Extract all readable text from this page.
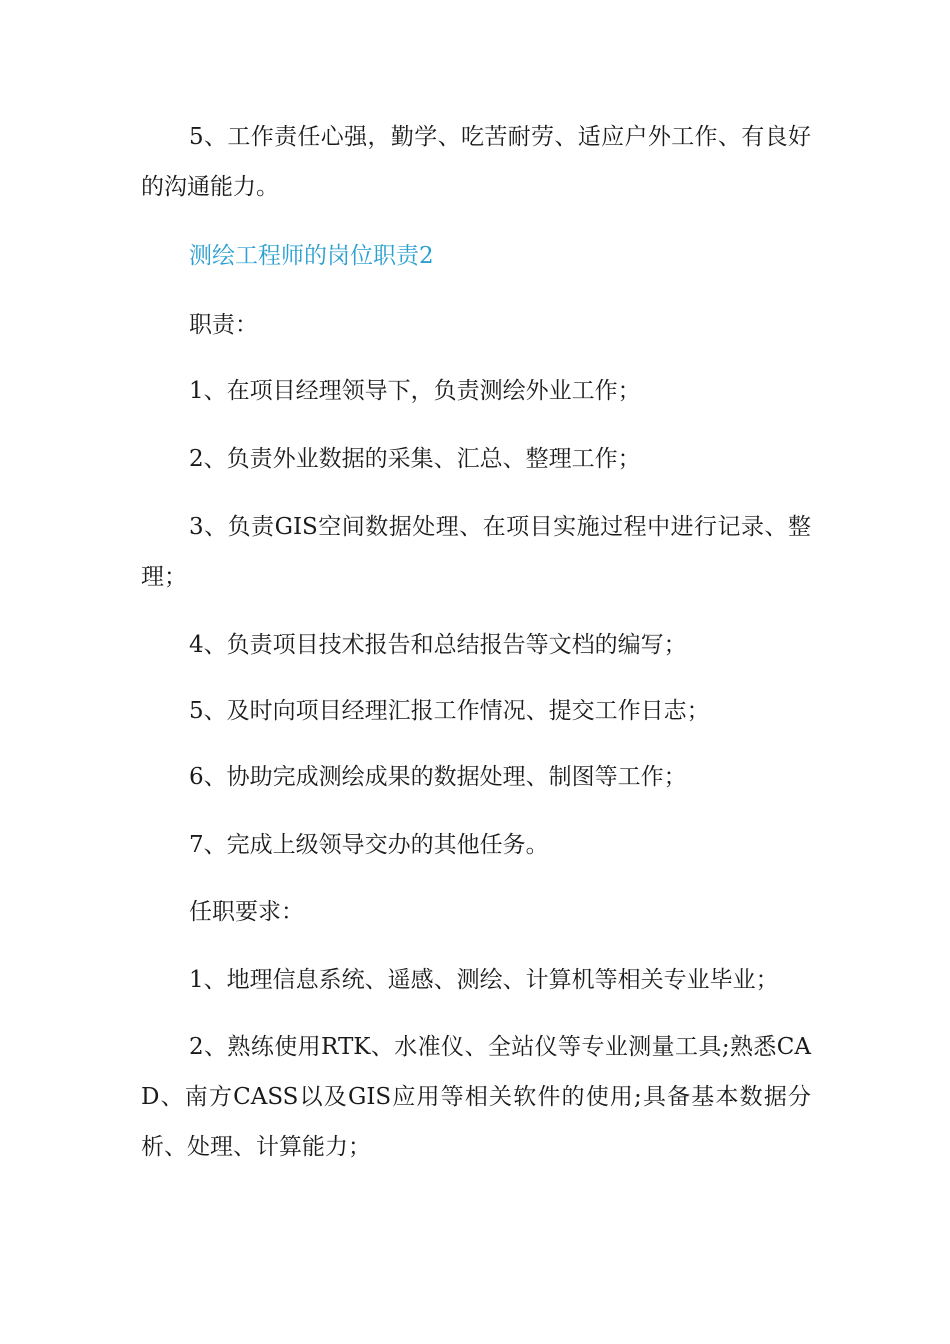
5、工作责任心强，勤学、吃苦耐劳、适应户外工作、有良好的沟通能力。

测绘工程师的岗位职责2

职责：

1、在项目经理领导下，负责测绘外业工作；

2、负责外业数据的采集、汇总、整理工作；

3、负责GIS空间数据处理、在项目实施过程中进行记录、整理；

4、负责项目技术报告和总结报告等文档的编写；

5、及时向项目经理汇报工作情况、提交工作日志；

6、协助完成测绘成果的数据处理、制图等工作；

7、完成上级领导交办的其他任务。

任职要求：

1、地理信息系统、遥感、测绘、计算机等相关专业毕业；

2、熟练使用RTK、水准仪、全站仪等专业测量工具;熟悉CAD、南方CASS以及GIS应用等相关软件的使用;具备基本数据分析、处理、计算能力；
